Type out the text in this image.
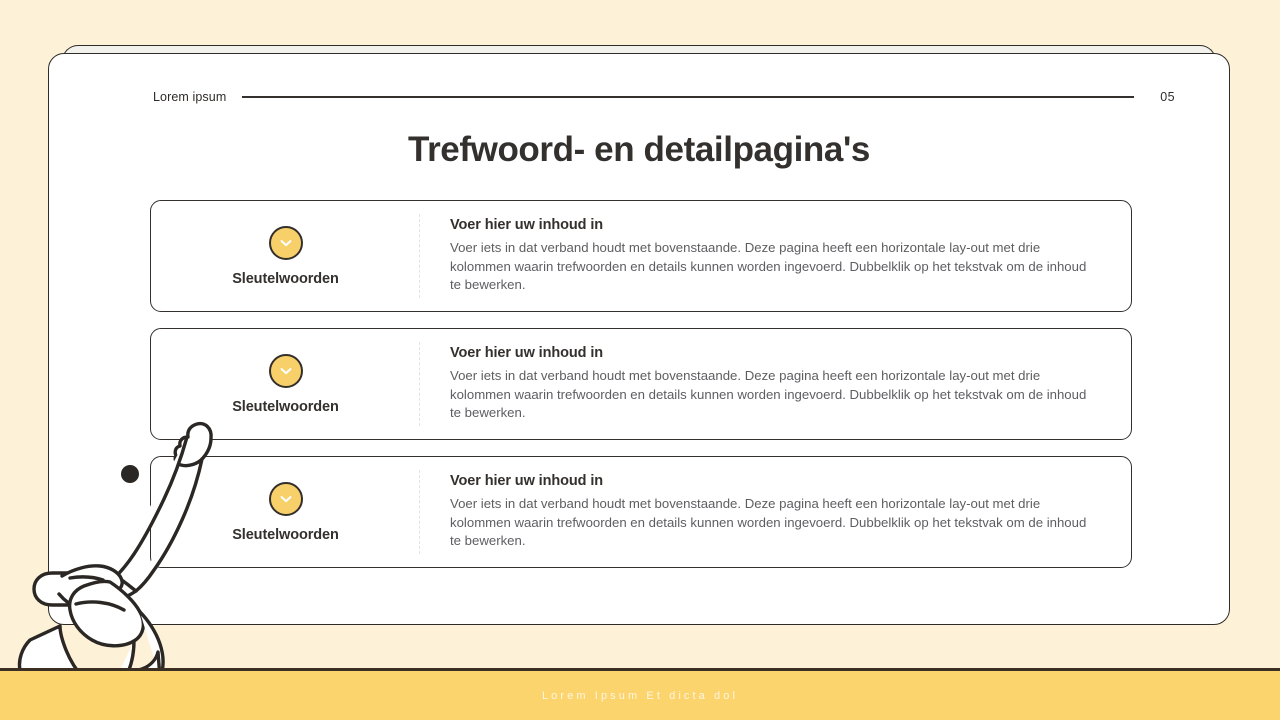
Lorem ipsum	05
Trefwoord- en detailpagina's
Sleutelwoorden
Voer hier uw inhoud in
Voer iets in dat verband houdt met bovenstaande. Deze pagina heeft een horizontale lay-out met drie kolommen waarin trefwoorden en details kunnen worden ingevoerd. Dubbelklik op het tekstvak om de inhoud te bewerken.
Sleutelwoorden
Voer hier uw inhoud in
Voer iets in dat verband houdt met bovenstaande. Deze pagina heeft een horizontale lay-out met drie kolommen waarin trefwoorden en details kunnen worden ingevoerd. Dubbelklik op het tekstvak om de inhoud te bewerken.
Sleutelwoorden
Voer hier uw inhoud in
Voer iets in dat verband houdt met bovenstaande. Deze pagina heeft een horizontale lay-out met drie kolommen waarin trefwoorden en details kunnen worden ingevoerd. Dubbelklik op het tekstvak om de inhoud te bewerken.
Lorem Ipsum Et dicta dol
